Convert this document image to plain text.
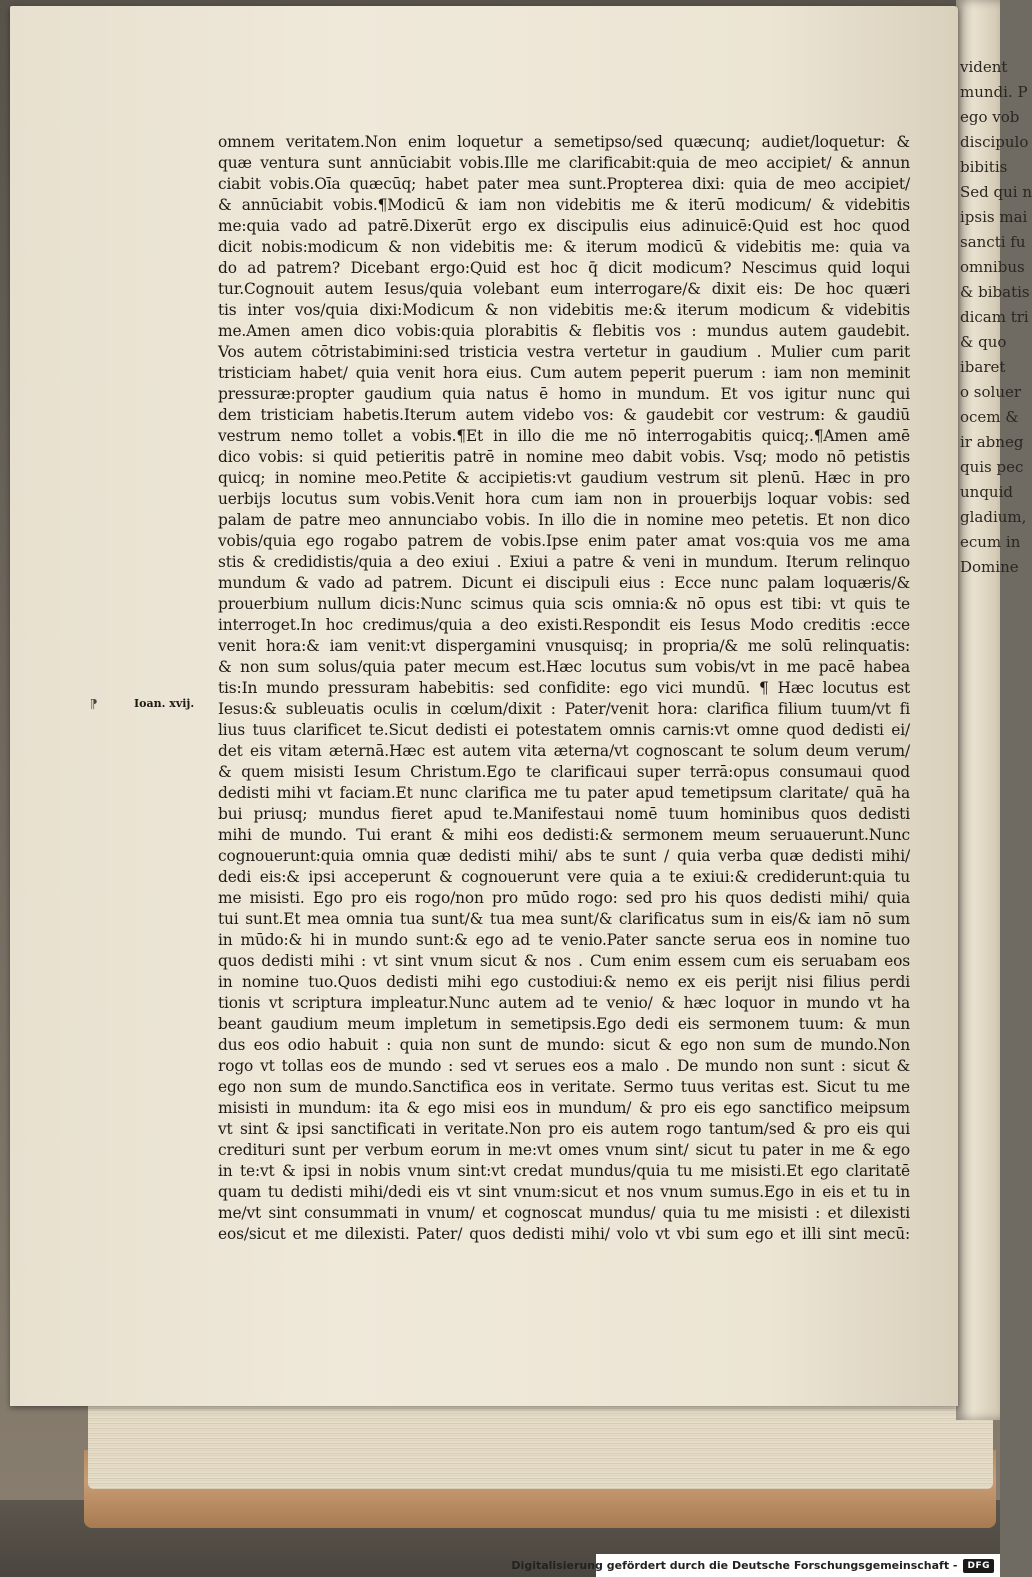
vident
mundi. P
ego vob
discipulo
bibitis
Sed qui n
ipsis mai
sancti fu
omnibus
& bibatis
dicam tri
& quo
ibaret
o soluer
ocem &
ir abneg
quis pec
unquid
gladium,
ecum in
Domine
⁋	Ioan. xvij.
omnem veritatem.Non enim loquetur a semetipso/sed quæcunq; audiet/loquetur: &
quæ ventura sunt annūciabit vobis.Ille me clarificabit:quia de meo accipiet/ & annun
ciabit vobis.Oīa quæcūq; habet pater mea sunt.Propterea dixi: quia de meo accipiet/
& annūciabit vobis.¶Modicū & iam non videbitis me & iterū modicum/ & videbitis
me:quia vado ad patrē.Dixerūt ergo ex discipulis eius adinuicē:Quid est hoc quod
dicit nobis:modicum & non videbitis me: & iterum modicū & videbitis me: quia va
do ad patrem? Dicebant ergo:Quid est hoc q̄ dicit modicum? Nescimus quid loqui
tur.Cognouit autem Iesus/quia volebant eum interrogare/& dixit eis: De hoc quæri
tis inter vos/quia dixi:Modicum & non videbitis me:& iterum modicum & videbitis
me.Amen amen dico vobis:quia plorabitis & flebitis vos : mundus autem gaudebit.
Vos autem cōtristabimini:sed tristicia vestra vertetur in gaudium . Mulier cum parit
tristiciam habet/ quia venit hora eius. Cum autem peperit puerum : iam non meminit
pressuræ:propter gaudium quia natus ē homo in mundum. Et vos igitur nunc qui
dem tristiciam habetis.Iterum autem videbo vos: & gaudebit cor vestrum: & gaudiū
vestrum nemo tollet a vobis.¶Et in illo die me nō interrogabitis quicq;.¶Amen amē
dico vobis: si quid petieritis patrē in nomine meo dabit vobis. Vsq; modo nō petistis
quicq; in nomine meo.Petite & accipietis:vt gaudium vestrum sit plenū. Hæc in pro
uerbijs locutus sum vobis.Venit hora cum iam non in prouerbijs loquar vobis: sed
palam de patre meo annunciabo vobis. In illo die in nomine meo petetis. Et non dico
vobis/quia ego rogabo patrem de vobis.Ipse enim pater amat vos:quia vos me ama
stis & credidistis/quia a deo exiui . Exiui a patre & veni in mundum. Iterum relinquo
mundum & vado ad patrem. Dicunt ei discipuli eius : Ecce nunc palam loquæris/&
prouerbium nullum dicis:Nunc scimus quia scis omnia:& nō opus est tibi: vt quis te
interroget.In hoc credimus/quia a deo existi.Respondit eis Iesus Modo creditis :ecce
venit hora:& iam venit:vt dispergamini vnusquisq; in propria/& me solū relinquatis:
& non sum solus/quia pater mecum est.Hæc locutus sum vobis/vt in me pacē habea
tis:In mundo pressuram habebitis: sed confidite: ego vici mundū. ¶ Hæc locutus est
Iesus:& subleuatis oculis in cœlum/dixit : Pater/venit hora: clarifica filium tuum/vt fi
lius tuus clarificet te.Sicut dedisti ei potestatem omnis carnis:vt omne quod dedisti ei/
det eis vitam æternā.Hæc est autem vita æterna/vt cognoscant te solum deum verum/
& quem misisti Iesum Christum.Ego te clarificaui super terrā:opus consumaui quod
dedisti mihi vt faciam.Et nunc clarifica me tu pater apud temetipsum claritate/ quā ha
bui priusq; mundus fieret apud te.Manifestaui nomē tuum hominibus quos dedisti
mihi de mundo. Tui erant & mihi eos dedisti:& sermonem meum seruauerunt.Nunc
cognouerunt:quia omnia quæ dedisti mihi/ abs te sunt / quia verba quæ dedisti mihi/
dedi eis:& ipsi acceperunt & cognouerunt vere quia a te exiui:& crediderunt:quia tu
me misisti. Ego pro eis rogo/non pro mūdo rogo: sed pro his quos dedisti mihi/ quia
tui sunt.Et mea omnia tua sunt/& tua mea sunt/& clarificatus sum in eis/& iam nō sum
in mūdo:& hi in mundo sunt:& ego ad te venio.Pater sancte serua eos in nomine tuo
quos dedisti mihi : vt sint vnum sicut & nos . Cum enim essem cum eis seruabam eos
in nomine tuo.Quos dedisti mihi ego custodiui:& nemo ex eis perijt nisi filius perdi
tionis vt scriptura impleatur.Nunc autem ad te venio/ & hæc loquor in mundo vt ha
beant gaudium meum impletum in semetipsis.Ego dedi eis sermonem tuum: & mun
dus eos odio habuit : quia non sunt de mundo: sicut & ego non sum de mundo.Non
rogo vt tollas eos de mundo : sed vt serues eos a malo . De mundo non sunt : sicut &
ego non sum de mundo.Sanctifica eos in veritate. Sermo tuus veritas est. Sicut tu me
misisti in mundum: ita & ego misi eos in mundum/ & pro eis ego sanctifico meipsum
vt sint & ipsi sanctificati in veritate.Non pro eis autem rogo tantum/sed & pro eis qui
credituri sunt per verbum eorum in me:vt omes vnum sint/ sicut tu pater in me & ego
in te:vt & ipsi in nobis vnum sint:vt credat mundus/quia tu me misisti.Et ego claritatē
quam tu dedisti mihi/dedi eis vt sint vnum:sicut et nos vnum sumus.Ego in eis et tu in
me/vt sint consummati in vnum/ et cognoscat mundus/ quia tu me misisti : et dilexisti
eos/sicut et me dilexisti. Pater/ quos dedisti mihi/ volo vt vbi sum ego et illi sint mecū:
Digitalisierung gefördert durch die Deutsche Forschungsgemeinschaft -	DFG
